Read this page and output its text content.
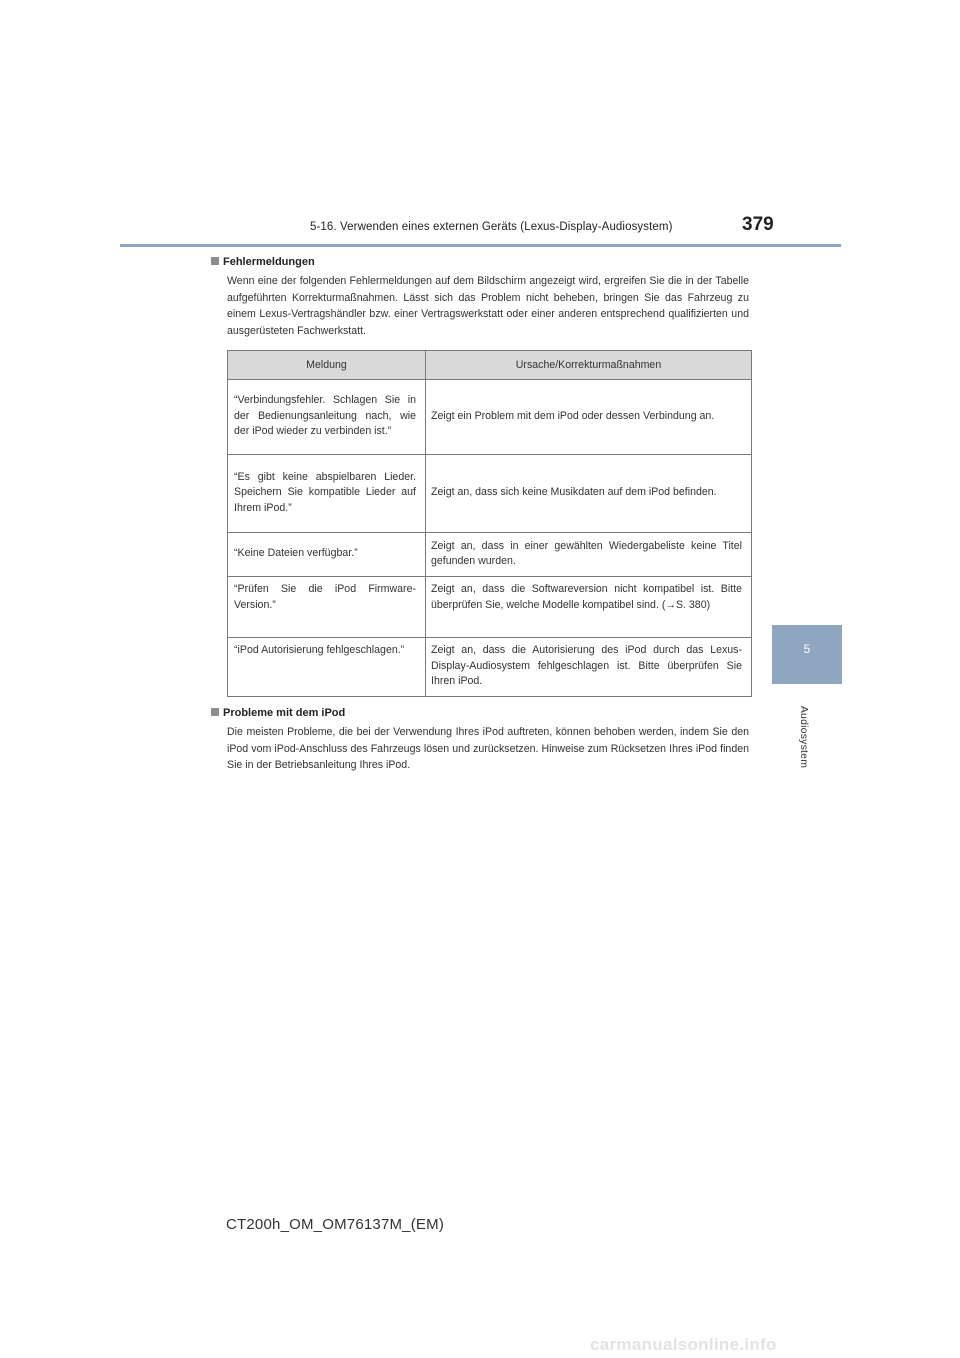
5-16. Verwenden eines externen Geräts (Lexus-Display-Audiosystem)	379
5
Audiosystem
Fehlermeldungen
Wenn eine der folgenden Fehlermeldungen auf dem Bildschirm angezeigt wird, ergreifen Sie die in der Tabelle aufgeführten Korrekturmaßnahmen. Lässt sich das Problem nicht beheben, bringen Sie das Fahrzeug zu einem Lexus-Vertragshändler bzw. einer Vertragswerkstatt oder einer anderen entsprechend qualifizierten und ausgerüsteten Fachwerkstatt.
Meldung	Ursache/Korrekturmaßnahmen
“Verbindungsfehler. Schlagen Sie in der Bedienungsanleitung nach, wie der iPod wieder zu verbinden ist.”	Zeigt ein Problem mit dem iPod oder dessen Verbindung an.
“Es gibt keine abspielbaren Lieder. Speichern Sie kompatible Lieder auf Ihrem iPod.”	Zeigt an, dass sich keine Musikdaten auf dem iPod befinden.
“Keine Dateien verfügbar.”	Zeigt an, dass in einer gewählten Wiedergabeliste keine Titel gefunden wurden.
“Prüfen Sie die iPod Firmware-Version.”	Zeigt an, dass die Softwareversion nicht kompatibel ist. Bitte überprüfen Sie, welche Modelle kompatibel sind. (→S. 380)
“iPod Autorisierung fehlgeschlagen.”	Zeigt an, dass die Autorisierung des iPod durch das Lexus-Display-Audiosystem fehlgeschlagen ist. Bitte überprüfen Sie Ihren iPod.
Probleme mit dem iPod
Die meisten Probleme, die bei der Verwendung Ihres iPod auftreten, können behoben werden, indem Sie den iPod vom iPod-Anschluss des Fahrzeugs lösen und zurücksetzen. Hinweise zum Rücksetzen Ihres iPod finden Sie in der Betriebsanleitung Ihres iPod.
CT200h_OM_OM76137M_(EM)
carmanualsonline.info
